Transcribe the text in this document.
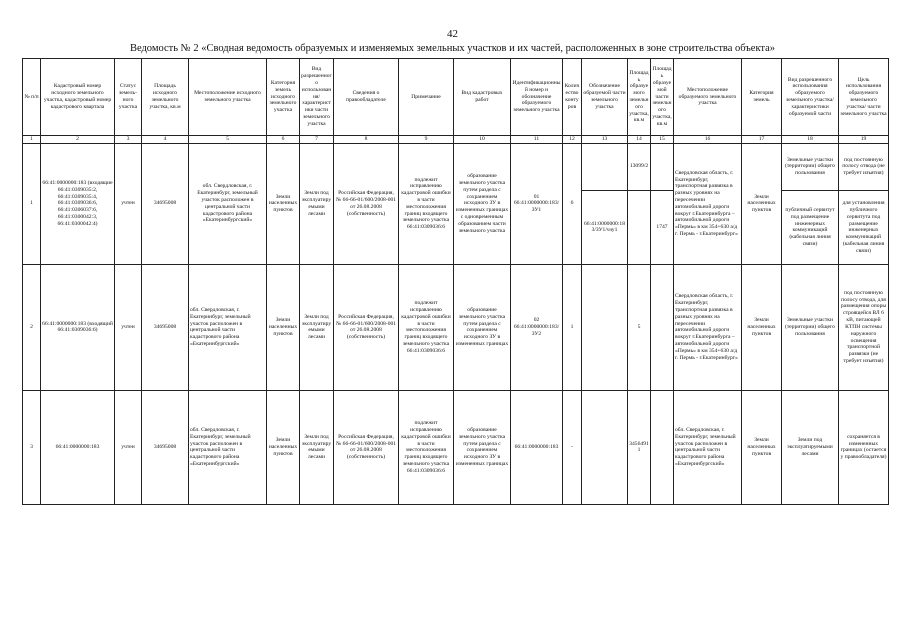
42
Ведомость № 2 «Сводная ведомость образуемых и изменяемых земельных участков и их частей, расположенных в зоне строительства объекта»
№ п/п	Кадастровый номер исходного земельного участка, кадастровый номер кадастрового квартала	Статус земель-ного участка	Площадь исходного земельного участка, кв.м	Местоположение исходного земельного участка	Категория земель исходного земельного участка	Вид разрешенного использования/ характеристики части земельного участка	Сведения о правообладателе	Примечание	Вид кадастровых работ	Идентификационный номер и обозначение образуемого земельного участка	Количество контуров	Обозначение образуемой части земельного участка	Площадь образуемого земельного участка, кв.м	Площадь образуемой части земельного участка, кв.м	Местоположение образуемого земельного участка	Категория земель	Вид разрешенного использования образуемого земельного участка/характеристики образуемой части	Цель использования образуемого земельного участка/ части земельного участка
1	2	3	4	5	6	7	8	9	10	11	12	13	14	15	16	17	18	19
1	66:41:0000000:183 (входящие 66:41:0309035:2, 66:41:0309035:4, 66:41:0309036:6, 66:41:0306037:6, 66:41:0300042:3, 66:41:0300042:4)	учтен	34695008	обл. Свердловская, г. Екатеринбург, земельный участок расположен в центральной части кадастрового района «Екатеринбургский»	Земли населенных пунктов	Земли под эксплуатируемыми лесами	Российская Федерация, № 66-66-01/600/2008-001 от 26.08.2008 (собственность)	подлежит исправлению кадастровой ошибки в части местоположения границ входящего земельного участка 66:41:0309036:6	образование земельного участка путем раздела с сохранением исходного ЗУ в измененных границах с одновременным образованием части земельного участка	01 66:41:0000000:183/ЗУ1	6		13099/2		Свердловская область, г. Екатеринбург, транспортная развязка в разных уровнях на пересечении автомобильной дороги вокруг г.Екатеринбурга – автомобильной дороги «Пермь» в км 354+630 а/д г. Пермь - г.Екатеринбург»	Земли населенных пунктов	Земельные участки (территории) общего пользования	под постоянную полосу отвода (не требует изъятия)
												66:41:0000000:183/ЗУ1/чзу1		1747			публичный сервитут под размещение инженерных коммуникаций (кабельная линия связи)	для установления публичного сервитута под размещение инженерных коммуникаций (кабельная линия связи)
2	66:41:0000000:183 (входящий 66:41:0309036:6)	учтен	34695008	обл. Свердловская, г. Екатеринбург, земельный участок расположен в центральной части кадастрового района «Екатеринбургский»	Земли населенных пунктов	Земли под эксплуатируемыми лесами	Российская Федерация, № 66-66-01/600/2008-001 от 26.08.2008 (собственность)	подлежит исправлению кадастровой ошибки в части местоположения границ входящего земельного участка 66:41:0309036:6	образование земельного участка путем раздела с сохранением исходного ЗУ в измененных границах	02 66:41:0000000:183/ЗУ2	1		5		Свердловская область, г. Екатеринбург, транспортная развязка в разных уровнях на пересечении автомобильной дороги вокруг г.Екатеринбурга – автомобильной дороги «Пермь» в км 354+630 а/д г. Пермь - г.Екатеринбург»	Земли населенных пунктов	Земельные участки (территории) общего пользования	под постоянную полосу отвода, для размещения опоры строящейся ВЛ 6 кВ, питающей КТПН системы наружного освещения транспортной развязки (не требует изъятия)
3	66:41:0000000:183	учтен	34695008	обл. Свердловская, г. Екатеринбург, земельный участок расположен в центральной части кадастрового района «Екатеринбургский»	Земли населенных пунктов	Земли под эксплуатируемыми лесами	Российская Федерация, № 66-66-01/600/2008-001 от 26.08.2008 (собственность)	подлежит исправлению кадастровой ошибки в части местоположения границ входящего земельного участка 66:41:0309036:6	образование земельного участка путем раздела с сохранением исходного ЗУ в измененных границах	66:41:0000000:183	-		34564911		обл. Свердловская, г. Екатеринбург, земельный участок расположен в центральной части кадастрового района «Екатеринбургский»	Земли населенных пунктов	Земли под эксплуатируемыми лесами	сохраняется в измененных границах (остается у правообладателя)
